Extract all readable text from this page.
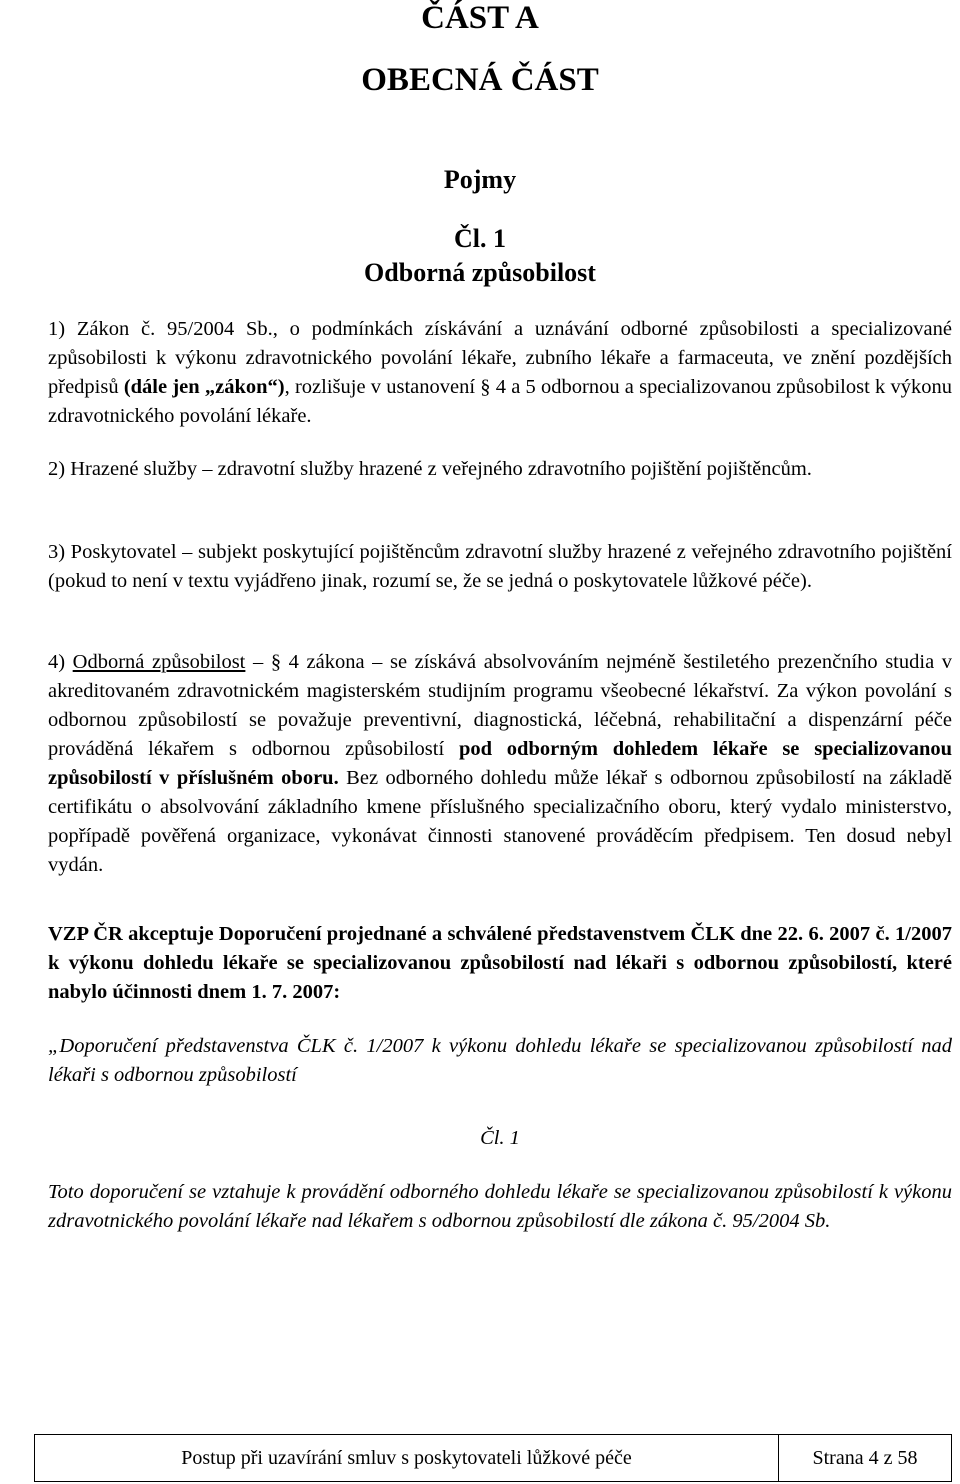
ČÁST A
OBECNÁ ČÁST
Pojmy
Čl. 1
Odborná způsobilost
1) Zákon č. 95/2004 Sb., o podmínkách získávání a uznávání odborné způsobilosti a specializované způsobilosti k výkonu zdravotnického povolání lékaře, zubního lékaře a farmaceuta, ve znění pozdějších předpisů (dále jen „zákon“), rozlišuje v ustanovení § 4 a 5 odbornou a specializovanou způsobilost k výkonu zdravotnického povolání lékaře.
2) Hrazené služby – zdravotní služby hrazené z veřejného zdravotního pojištění pojištěncům.
3) Poskytovatel – subjekt poskytující pojištěncům zdravotní služby hrazené z veřejného zdravotního pojištění (pokud to není v textu vyjádřeno jinak, rozumí se, že se jedná o poskytovatele lůžkové péče).
4) Odborná způsobilost – § 4 zákona – se získává absolvováním nejméně šestiletého prezenčního studia v akreditovaném zdravotnickém magisterském studijním programu všeobecné lékařství. Za výkon povolání s odbornou způsobilostí se považuje preventivní, diagnostická, léčebná, rehabilitační a dispenzární péče prováděná lékařem s odbornou způsobilostí pod odborným dohledem lékaře se specializovanou způsobilostí v příslušném oboru. Bez odborného dohledu může lékař s odbornou způsobilostí na základě certifikátu o absolvování základního kmene příslušného specializačního oboru, který vydalo ministerstvo, popřípadě pověřená organizace, vykonávat činnosti stanovené prováděcím předpisem. Ten dosud nebyl vydán.
VZP ČR akceptuje Doporučení projednané a schválené představenstvem ČLK dne 22. 6. 2007 č. 1/2007 k výkonu dohledu lékaře se specializovanou způsobilostí nad lékaři s odbornou způsobilostí, které nabylo účinnosti dnem 1. 7. 2007:
„Doporučení představenstva ČLK č. 1/2007 k výkonu dohledu lékaře se specializovanou způsobilostí nad lékaři s odbornou způsobilostí
Čl. 1
Toto doporučení se vztahuje k provádění odborného dohledu lékaře se specializovanou způsobilostí k výkonu zdravotnického povolání lékaře nad lékařem s odbornou způsobilostí dle zákona č. 95/2004 Sb.
Postup při uzavírání smluv s poskytovateli lůžkové péče	Strana 4 z 58
